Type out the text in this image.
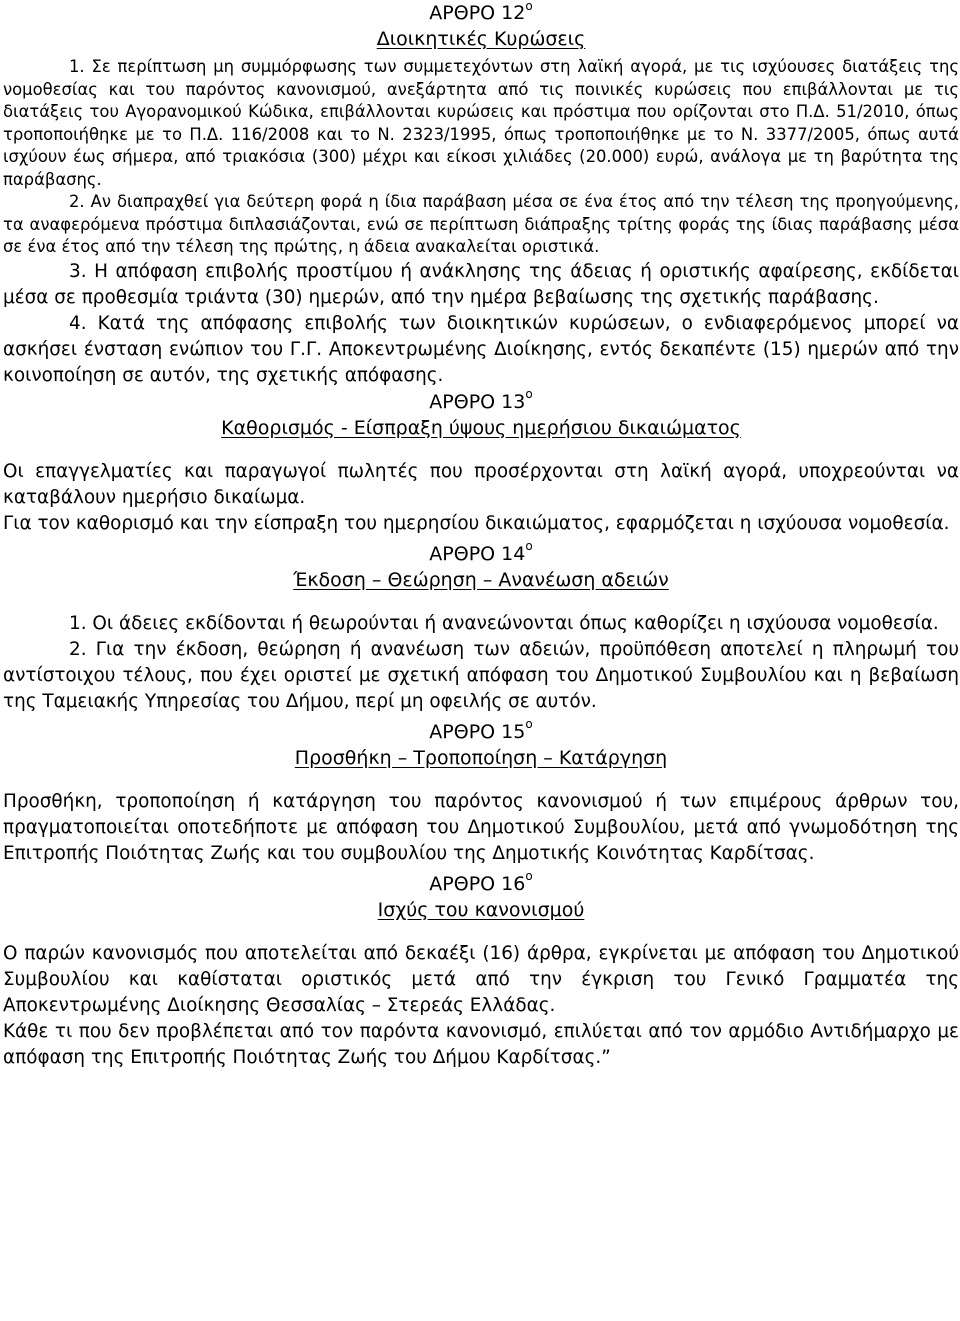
ΑΡΘΡΟ $12^o$
Διοικητικές Κυρώσεις

1. Σε περίπτωση μη συμμόρφωσης των συμμετεχόντων στη λαϊκή αγορά, με τις ισχύουσες διατάξεις της νομοθεσίας και του παρόντος κανονισμού, ανεξάρτητα από τις ποινικές κυρώσεις που επιβάλλονται με τις διατάξεις του Αγορανομικού Κώδικα, επιβάλλονται κυρώσεις και πρόστιμα που ορίζονται στο Π.Δ. 51/2010, όπως τροποποιήθηκε με το Π.Δ. 116/2008 και το Ν. 2323/1995, όπως τροποποιήθηκε με το Ν. 3377/2005, όπως αυτά ισχύουν έως σήμερα, από τριακόσια (300) μέχρι και είκοσι χιλιάδες (20.000) ευρώ, ανάλογα με τη βαρύτητα της παράβασης.

2. Αν διαπραχθεί για δεύτερη φορά η ίδια παράβαση μέσα σε ένα έτος από την τέλεση της προηγούμενης, τα αναφερόμενα πρόστιμα διπλασιάζονται, ενώ σε περίπτωση διάπραξης τρίτης φοράς της ίδιας παράβασης μέσα σε ένα έτος από την τέλεση της πρώτης, η άδεια ανακαλείται οριστικά.

3. Η απόφαση επιβολής προστίμου ή ανάκλησης της άδειας ή οριστικής αφαίρεσης, εκδίδεται μέσα σε προθεσμία τριάντα (30) ημερών, από την ημέρα βεβαίωσης της σχετικής παράβασης.

4. Κατά της απόφασης επιβολής των διοικητικών κυρώσεων, ο ενδιαφερόμενος μπορεί να ασκήσει ένσταση ενώπιον του Γ.Γ. Αποκεντρωμένης Διοίκησης, εντός δεκαπέντε (15) ημερών από την κοινοποίηση σε αυτόν, της σχετικής απόφασης.

ΑΡΘΡΟ $13^o$
Καθορισμός - Είσπραξη ύψους ημερήσιου δικαιώματος

Οι επαγγελματίες και παραγωγοί πωλητές που προσέρχονται στη λαϊκή αγορά, υποχρεούνται να καταβάλουν ημερήσιο δικαίωμα.

Για τον καθορισμό και την είσπραξη του ημερησίου δικαιώματος, εφαρμόζεται η ισχύουσα νομοθεσία.

ΑΡΘΡΟ $14^o$
Έκδοση – Θεώρηση – Ανανέωση αδειών

1. Οι άδειες εκδίδονται ή θεωρούνται ή ανανεώνονται όπως καθορίζει η ισχύουσα νομοθεσία.

2. Για την έκδοση, θεώρηση ή ανανέωση των αδειών, προϋπόθεση αποτελεί η πληρωμή του αντίστοιχου τέλους, που έχει οριστεί με σχετική απόφαση του Δημοτικού Συμβουλίου και η βεβαίωση της Ταμειακής Υπηρεσίας του Δήμου, περί μη οφειλής σε αυτόν.

ΑΡΘΡΟ $15^o$
Προσθήκη – Τροποποίηση – Κατάργηση

Προσθήκη, τροποποίηση ή κατάργηση του παρόντος κανονισμού ή των επιμέρους άρθρων του, πραγματοποιείται οποτεδήποτε με απόφαση του Δημοτικού Συμβουλίου, μετά από γνωμοδότηση της Επιτροπής Ποιότητας Ζωής και του συμβουλίου της Δημοτικής Κοινότητας Καρδίτσας.

ΑΡΘΡΟ $16^o$
Ισχύς του κανονισμού

Ο παρών κανονισμός που αποτελείται από δεκαέξι (16) άρθρα, εγκρίνεται με απόφαση του Δημοτικού Συμβουλίου και καθίσταται οριστικός μετά από την έγκριση του Γενικό Γραμματέα της Αποκεντρωμένης Διοίκησης Θεσσαλίας – Στερεάς Ελλάδας.

Κάθε τι που δεν προβλέπεται από τον παρόντα κανονισμό, επιλύεται από τον αρμόδιο Αντιδήμαρχο με απόφαση της Επιτροπής Ποιότητας Ζωής του Δήμου Καρδίτσας.”
